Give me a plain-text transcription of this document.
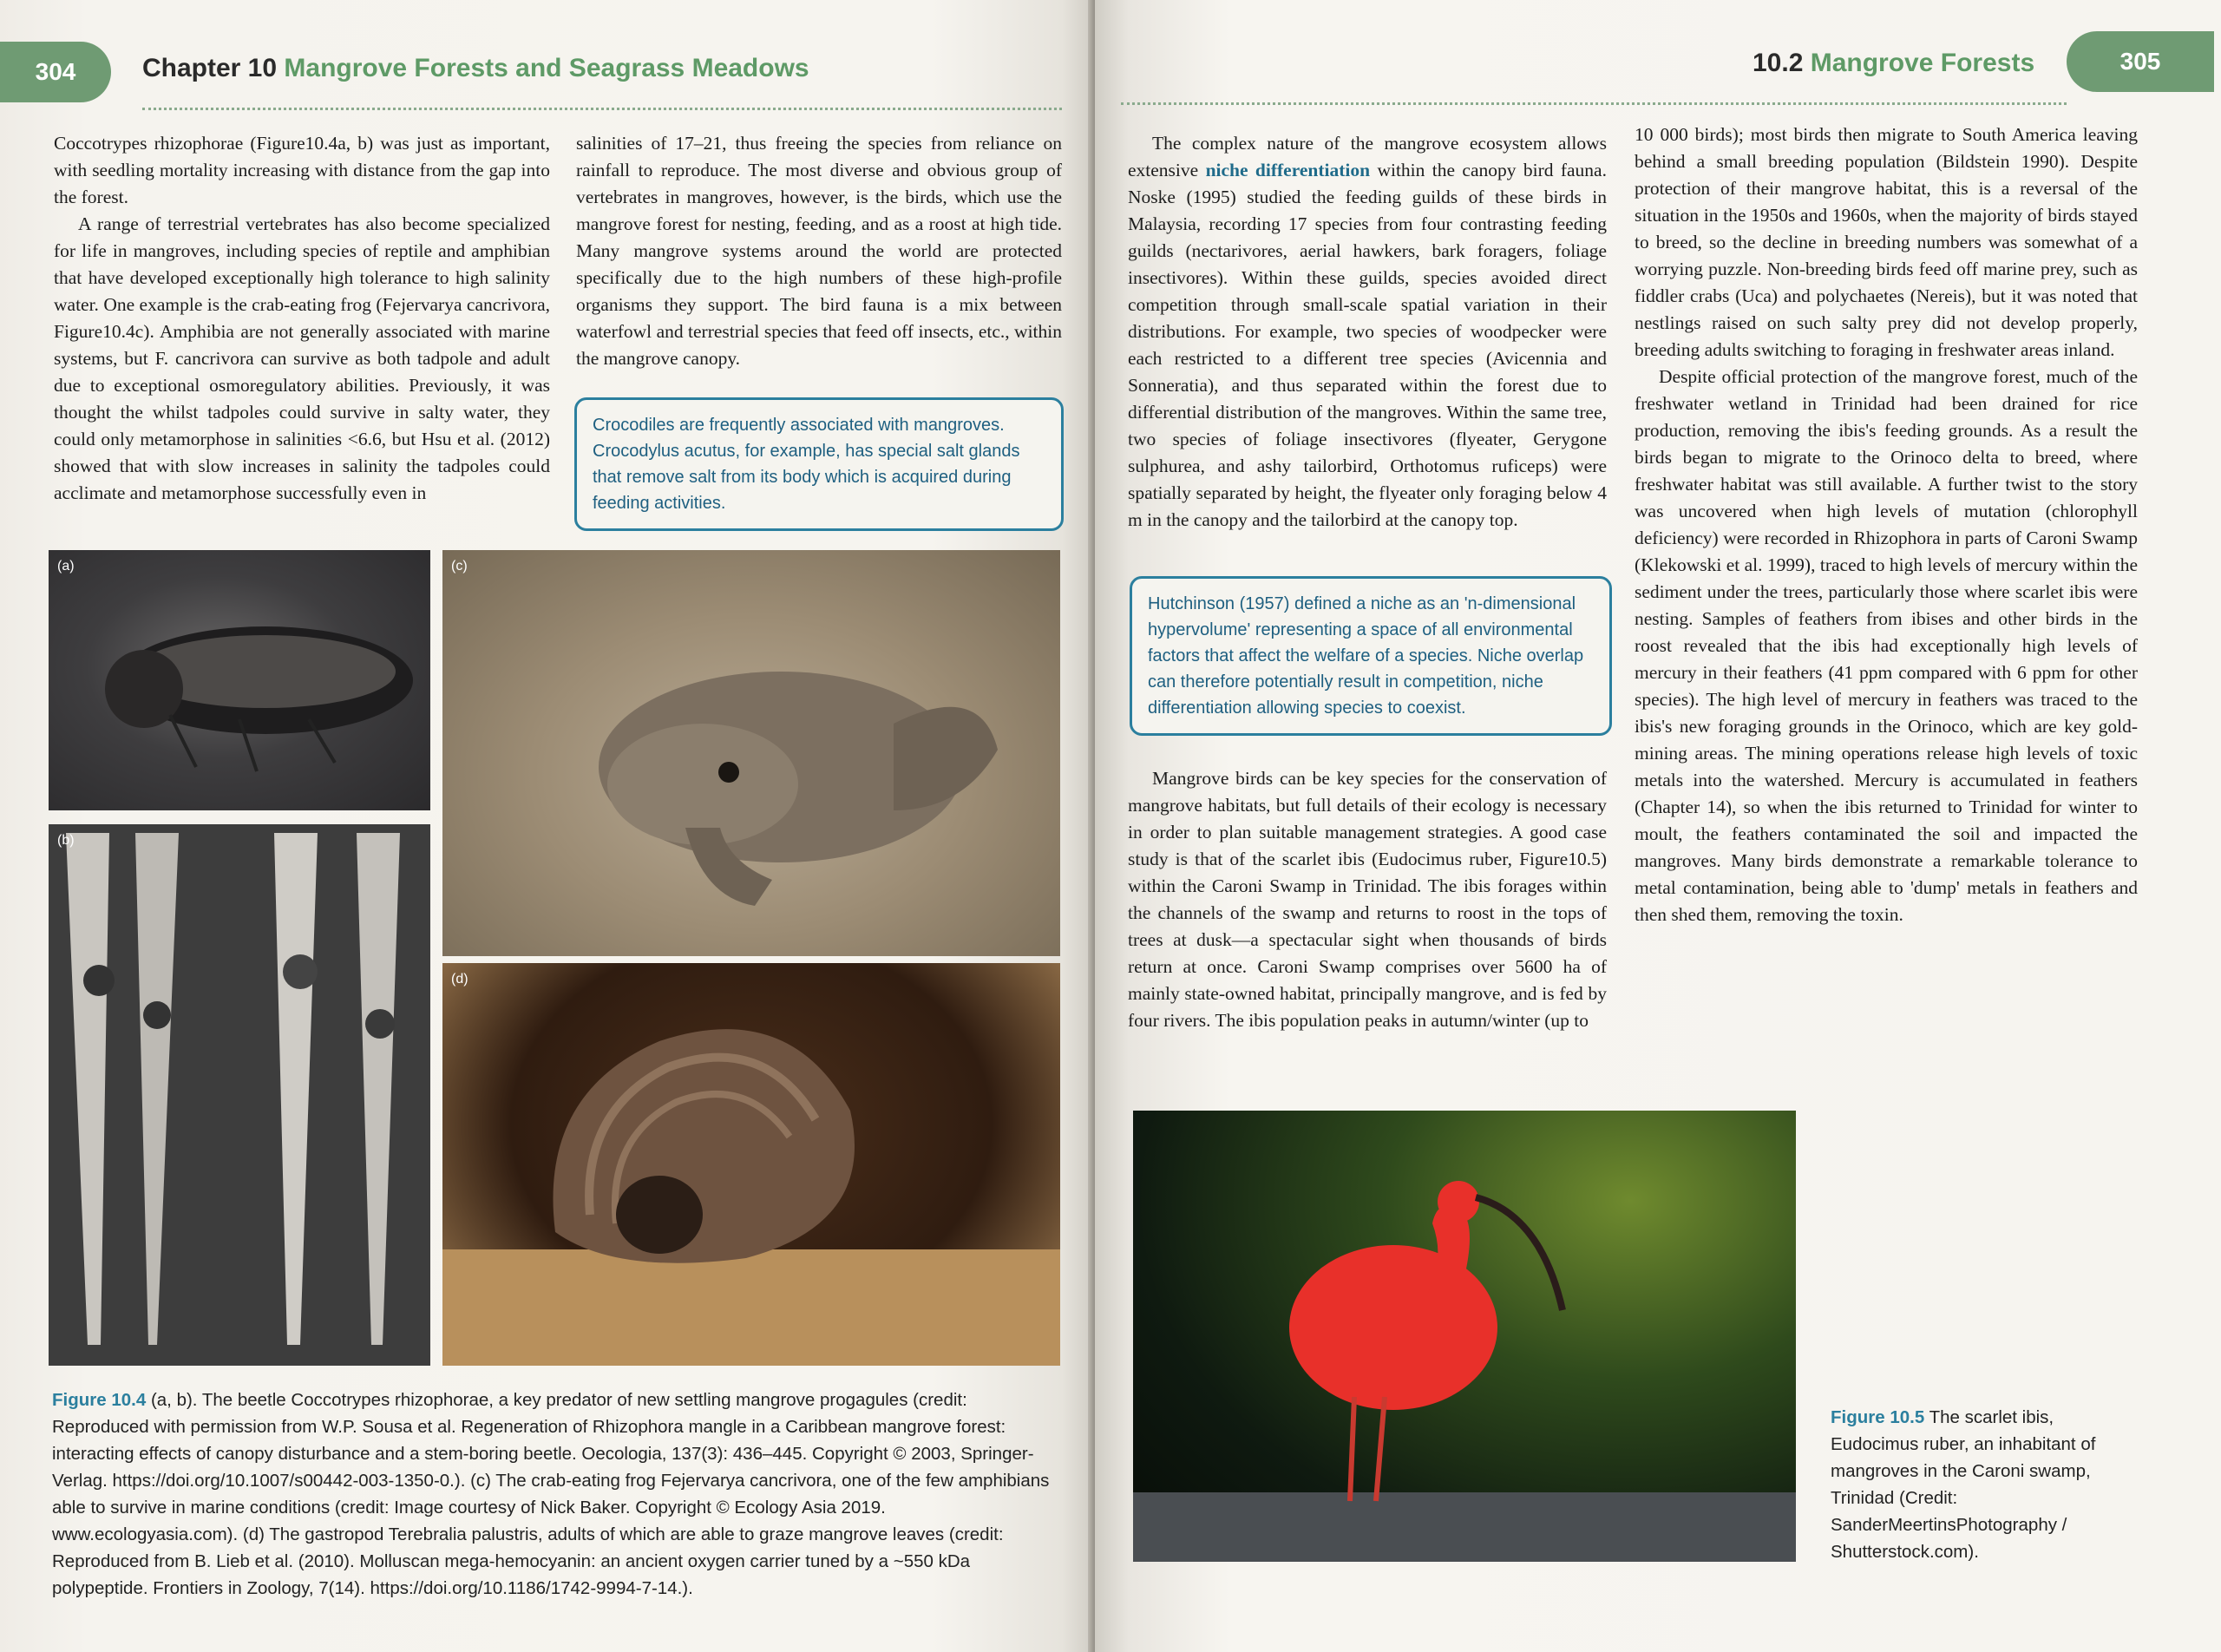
304	Chapter 10 Mangrove Forests and Seagrass Meadows

Coccotrypes rhizophorae (Figure10.4a, b) was just as important, with seedling mortality increasing with distance from the gap into the forest.

A range of terrestrial vertebrates has also become specialized for life in mangroves, including species of reptile and amphibian that have developed exceptionally high tolerance to high salinity water. One example is the crab-eating frog (Fejervarya cancrivora, Figure10.4c). Amphibia are not generally associated with marine systems, but F. cancrivora can survive as both tadpole and adult due to exceptional osmoregulatory abilities. Previously, it was thought the whilst tadpoles could survive in salty water, they could only metamorphose in salinities <6.6, but Hsu et al. (2012) showed that with slow increases in salinity the tadpoles could acclimate and metamorphose successfully even in

salinities of 17–21, thus freeing the species from reliance on rainfall to reproduce. The most diverse and obvious group of vertebrates in mangroves, however, is the birds, which use the mangrove forest for nesting, feeding, and as a roost at high tide. Many mangrove systems around the world are protected specifically due to the high numbers of these high-profile organisms they support. The bird fauna is a mix between waterfowl and terrestrial species that feed off insects, etc., within the mangrove canopy.

Crocodiles are frequently associated with mangroves. Crocodylus acutus, for example, has special salt glands that remove salt from its body which is acquired during feeding activities.
(a)
(b)
(c)
(d)
Figure 10.4 (a, b). The beetle Coccotrypes rhizophorae, a key predator of new settling mangrove progagules (credit: Reproduced with permission from W.P. Sousa et al. Regeneration of Rhizophora mangle in a Caribbean mangrove forest: interacting effects of canopy disturbance and a stem-boring beetle. Oecologia, 137(3): 436–445. Copyright © 2003, Springer-Verlag. https://doi.org/10.1007/s00442-003-1350-0.). (c) The crab-eating frog Fejervarya cancrivora, one of the few amphibians able to survive in marine conditions (credit: Image courtesy of Nick Baker. Copyright © Ecology Asia 2019. www.ecologyasia.com). (d) The gastropod Terebralia palustris, adults of which are able to graze mangrove leaves (credit: Reproduced from B. Lieb et al. (2010). Molluscan mega-hemocyanin: an ancient oxygen carrier tuned by a ~550 kDa polypeptide. Frontiers in Zoology, 7(14). https://doi.org/10.1186/1742-9994-7-14.).
10.2 Mangrove Forests	305

The complex nature of the mangrove ecosystem allows extensive niche differentiation within the canopy bird fauna. Noske (1995) studied the feeding guilds of these birds in Malaysia, recording 17 species from four contrasting feeding guilds (nectarivores, aerial hawkers, bark foragers, foliage insectivores). Within these guilds, species avoided direct competition through small-scale spatial variation in their distributions. For example, two species of woodpecker were each restricted to a different tree species (Avicennia and Sonneratia), and thus separated within the forest due to differential distribution of the mangroves. Within the same tree, two species of foliage insectivores (flyeater, Gerygone sulphurea, and ashy tailorbird, Orthotomus ruficeps) were spatially separated by height, the flyeater only foraging below 4 m in the canopy and the tailorbird at the canopy top.

Hutchinson (1957) defined a niche as an 'n-dimensional hypervolume' representing a space of all environmental factors that affect the welfare of a species. Niche overlap can therefore potentially result in competition, niche differentiation allowing species to coexist.

Mangrove birds can be key species for the conservation of mangrove habitats, but full details of their ecology is necessary in order to plan suitable management strategies. A good case study is that of the scarlet ibis (Eudocimus ruber, Figure10.5) within the Caroni Swamp in Trinidad. The ibis forages within the channels of the swamp and returns to roost in the tops of trees at dusk—a spectacular sight when thousands of birds return at once. Caroni Swamp comprises over 5600 ha of mainly state-owned habitat, principally mangrove, and is fed by four rivers. The ibis population peaks in autumn/winter (up to

10 000 birds); most birds then migrate to South America leaving behind a small breeding population (Bildstein 1990). Despite protection of their mangrove habitat, this is a reversal of the situation in the 1950s and 1960s, when the majority of birds stayed to breed, so the decline in breeding numbers was somewhat of a worrying puzzle. Non-breeding birds feed off marine prey, such as fiddler crabs (Uca) and polychaetes (Nereis), but it was noted that nestlings raised on such salty prey did not develop properly, breeding adults switching to foraging in freshwater areas inland.

Despite official protection of the mangrove forest, much of the freshwater wetland in Trinidad had been drained for rice production, removing the ibis's feeding grounds. As a result the birds began to migrate to the Orinoco delta to breed, where freshwater habitat was still available. A further twist to the story was uncovered when high levels of mutation (chlorophyll deficiency) were recorded in Rhizophora in parts of Caroni Swamp (Klekowski et al. 1999), traced to high levels of mercury within the sediment under the trees, particularly those where scarlet ibis were nesting. Samples of feathers from ibises and other birds in the roost revealed that the ibis had exceptionally high levels of mercury in their feathers (41 ppm compared with 6 ppm for other species). The high level of mercury in feathers was traced to the ibis's new foraging grounds in the Orinoco, which are key gold-mining areas. The mining operations release high levels of toxic metals into the watershed. Mercury is accumulated in feathers (Chapter 14), so when the ibis returned to Trinidad for winter to moult, the feathers contaminated the soil and impacted the mangroves. Many birds demonstrate a remarkable tolerance to metal contamination, being able to 'dump' metals in feathers and then shed them, removing the toxin.

Figure 10.5 The scarlet ibis, Eudocimus ruber, an inhabitant of mangroves in the Caroni swamp, Trinidad (Credit: SanderMeertinsPhotography / Shutterstock.com).
